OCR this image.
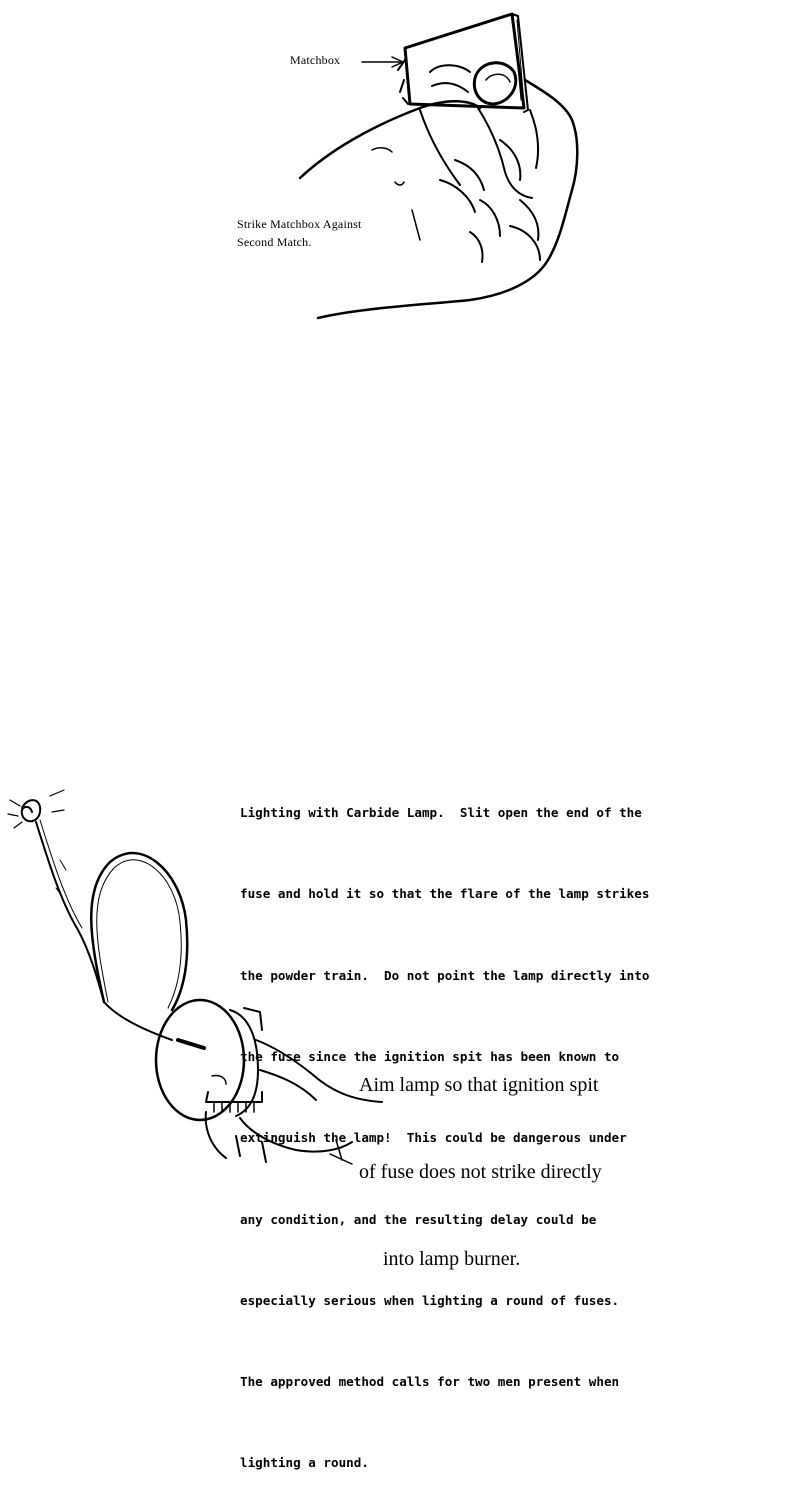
Matchbox
Strike Matchbox Against
Second Match.

Lighting with Carbide Lamp.  Slit open the end of the

fuse and hold it so that the flare of the lamp strikes

the powder train.  Do not point the lamp directly into

the fuse since the ignition spit has been known to

extinguish the lamp!  This could be dangerous under

any condition, and the resulting delay could be

especially serious when lighting a round of fuses.

The approved method calls for two men present when

lighting a round.

Aim lamp so that ignition spit

of fuse does not strike directly

into lamp burner.
